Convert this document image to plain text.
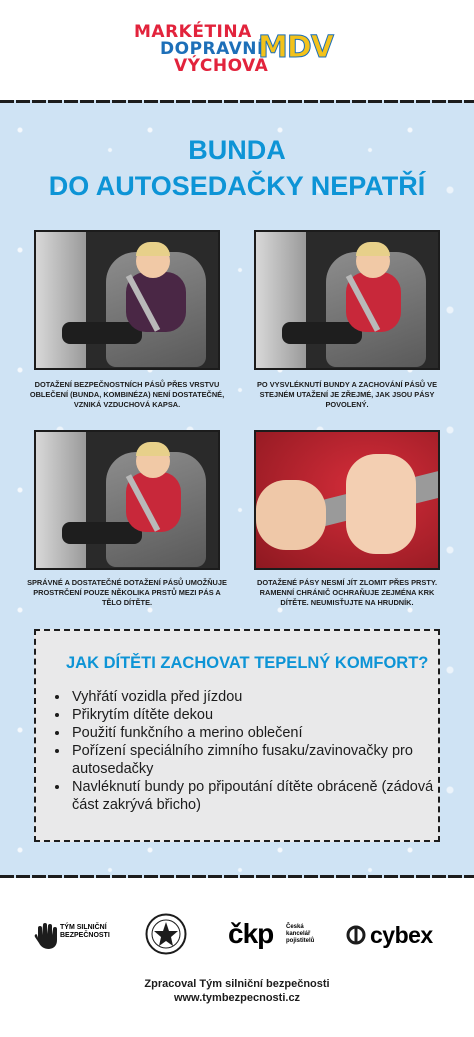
MARKÉTINA
DOPRAVNÍ
VÝCHOVA
MDV
BUNDA
DO AUTOSEDAČKY NEPATŘÍ

DOTAŽENÍ BEZPEČNOSTNÍCH PÁSŮ PŘES VRSTVU OBLEČENÍ (BUNDA, KOMBINÉZA) NENÍ DOSTATEČNÉ, VZNIKÁ VZDUCHOVÁ KAPSA.

PO VYSVLÉKNUTÍ BUNDY A ZACHOVÁNÍ PÁSŮ VE STEJNÉM UTAŽENÍ JE ZŘEJMÉ, JAK JSOU PÁSY POVOLENÝ.

SPRÁVNÉ A DOSTATEČNÉ DOTAŽENÍ PÁSŮ UMOŽŇUJE PROSTRČENÍ POUZE NĚKOLIKA PRSTŮ MEZI PÁS A TĚLO DÍTĚTE.

DOTAŽENÉ PÁSY NESMÍ JÍT ZLOMIT PŘES PRSTY. RAMENNÍ CHRÁNIČ OCHRAŇUJE ZEJMÉNA KRK DÍTĚTE. NEUMISŤUJTE NA HRUDNÍK.

JAK DÍTĚTI ZACHOVAT TEPELNÝ KOMFORT?
• Vyhřátí vozidla před jízdou
• Přikrytím dítěte dekou
• Použití funkčního a merino oblečení
• Pořízení speciálního zimního fusaku/zavinovačky pro autosedačky
• Navléknutí bundy po připoutání dítěte obráceně (zádová část zakrývá břicho)
TÝM SILNIČNÍ BEZPEČNOSTI	čkp Česká kancelář pojistitelů	cybex

Zpracoval Tým silniční bezpečnosti

www.tymbezpecnosti.cz
